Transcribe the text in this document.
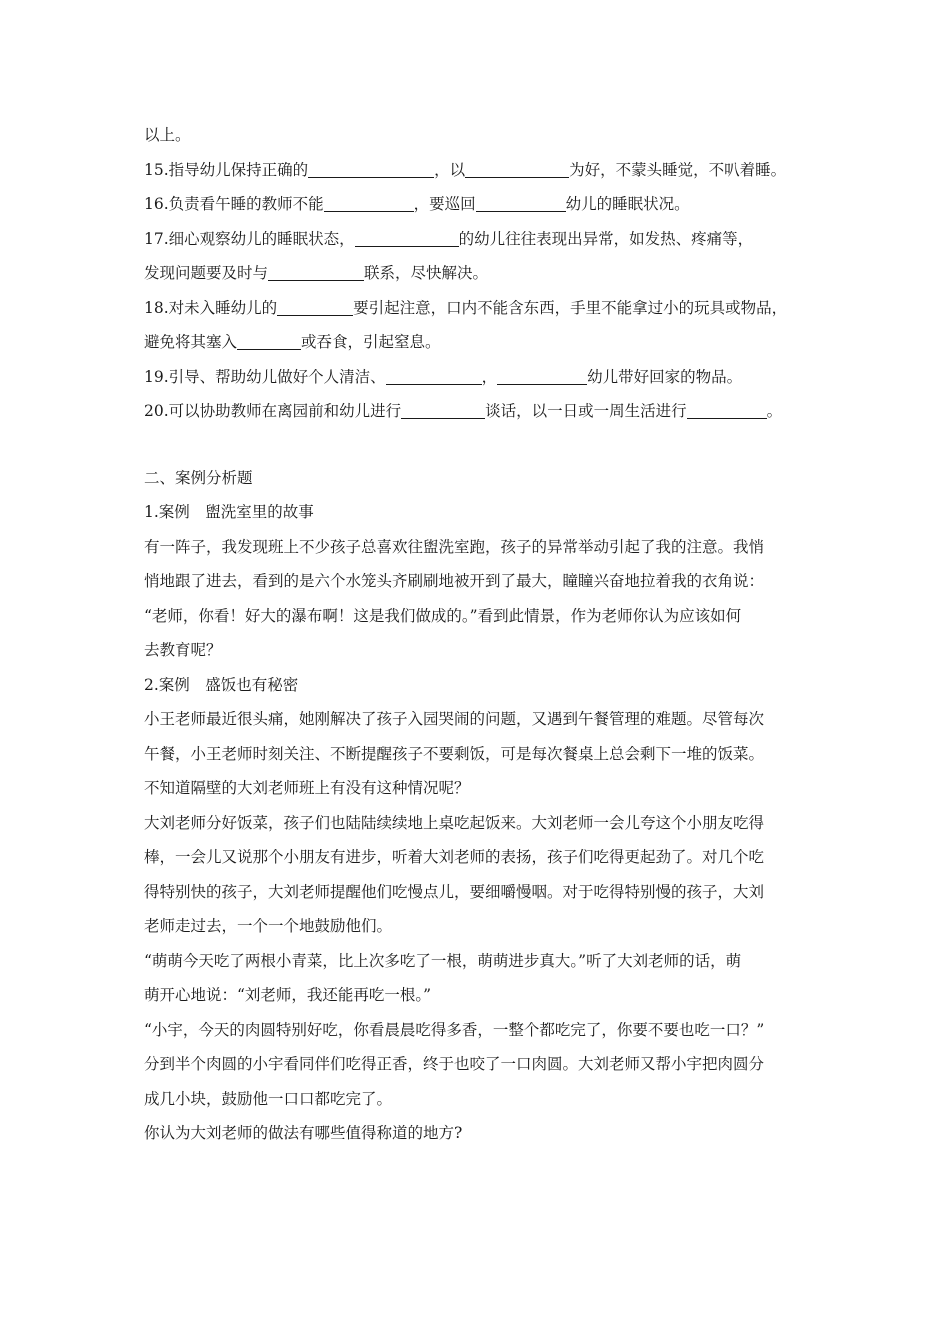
以上。
15.指导幼儿保持正确的	，以	为好，不蒙头睡觉，不叭着睡。
16.负责看午睡的教师不能	，要巡回	幼儿的睡眠状况。
17.细心观察幼儿的睡眠状态，	的幼儿往往表现出异常，如发热、疼痛等，
发现问题要及时与	联系，尽快解决。
18.对未入睡幼儿的	要引起注意，口内不能含东西，手里不能拿过小的玩具或物品，
避免将其塞入	或吞食，引起窒息。
19.引导、帮助幼儿做好个人清洁、	，	幼儿带好回家的物品。
20.可以协助教师在离园前和幼儿进行	谈话，以一日或一周生活进行	。
二、案例分析题
1.案例　盥洗室里的故事
有一阵子，我发现班上不少孩子总喜欢往盥洗室跑，孩子的异常举动引起了我的注意。我悄
悄地跟了进去，看到的是六个水笼头齐刷刷地被开到了最大，瞳瞳兴奋地拉着我的衣角说：
“老师，你看！好大的瀑布啊！这是我们做成的。”看到此情景，作为老师你认为应该如何
去教育呢？
2.案例　盛饭也有秘密
小王老师最近很头痛，她刚解决了孩子入园哭闹的问题，又遇到午餐管理的难题。尽管每次
午餐，小王老师时刻关注、不断提醒孩子不要剩饭，可是每次餐桌上总会剩下一堆的饭菜。
不知道隔壁的大刘老师班上有没有这种情况呢？
大刘老师分好饭菜，孩子们也陆陆续续地上桌吃起饭来。大刘老师一会儿夸这个小朋友吃得
棒，一会儿又说那个小朋友有进步，听着大刘老师的表扬，孩子们吃得更起劲了。对几个吃
得特别快的孩子，大刘老师提醒他们吃慢点儿，要细嚼慢咽。对于吃得特别慢的孩子，大刘
老师走过去，一个一个地鼓励他们。
“萌萌今天吃了两根小青菜，比上次多吃了一根，萌萌进步真大。”听了大刘老师的话，萌
萌开心地说：“刘老师，我还能再吃一根。”
“小宇，今天的肉圆特别好吃，你看晨晨吃得多香，一整个都吃完了，你要不要也吃一口？”
分到半个肉圆的小宇看同伴们吃得正香，终于也咬了一口肉圆。大刘老师又帮小宇把肉圆分
成几小块，鼓励他一口口都吃完了。
你认为大刘老师的做法有哪些值得称道的地方?
